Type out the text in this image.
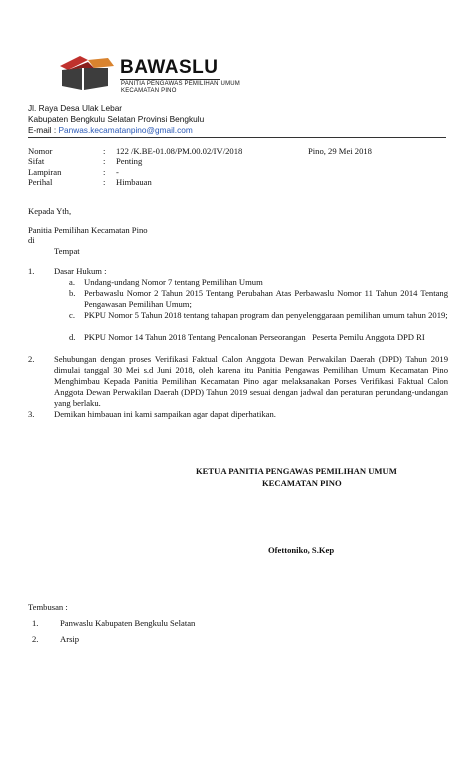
BAWASLU
PANITIA PENGAWAS PEMILIHAN UMUM
KECAMATAN PINO
Jl. Raya Desa Ulak Lebar
Kabupaten Bengkulu Selatan Provinsi Bengkulu
E-mail : Panwas.kecamatanpino@gmail.com
Nomor	: 122 /K.BE-01.08/PM.00.02/IV/2018	Pino, 29 Mei 2018
Sifat	: Penting
Lampiran	: -
Perihal	: Himbauan
Kepada Yth,
Panitia Pemilihan Kecamatan Pino
di
Tempat
1. Dasar Hukum :
a. Undang-undang Nomor 7 tentang Pemilihan Umum
b. Perbawaslu Nomor 2 Tahun 2015 Tentang Perubahan Atas Perbawaslu Nomor 11 Tahun 2014 Tentang Pengawasan Pemilihan Umum;
c. PKPU Nomor 5 Tahun 2018 tentang tahapan program dan penyelenggaraan pemilihan umum tahun 2019;
d. PKPU Nomor 14 Tahun 2018 Tentang Pencalonan Perseorangan   Peserta Pemilu Anggota DPD RI
2. Sehubungan dengan proses Verifikasi Faktual Calon Anggota Dewan Perwakilan Daerah (DPD) Tahun 2019 dimulai tanggal 30 Mei s.d Juni 2018, oleh karena itu Panitia Pengawas Pemilihan Umum Kecamatan Pino Menghimbau Kepada Panitia Pemilihan Kecamatan Pino agar melaksanakan Porses Verifikasi Faktual Calon Anggota Dewan Perwakilan Daerah (DPD) Tahun 2019 sesuai dengan jadwal dan peraturan perundang-undangan yang berlaku.
3. Demikan himbauan ini kami sampaikan agar dapat diperhatikan.
KETUA PANITIA PENGAWAS PEMILIHAN UMUM
KECAMATAN PINO
Ofettoniko, S.Kep
Tembusan :
1.	Panwaslu Kabupaten Bengkulu Selatan
2.	Arsip
